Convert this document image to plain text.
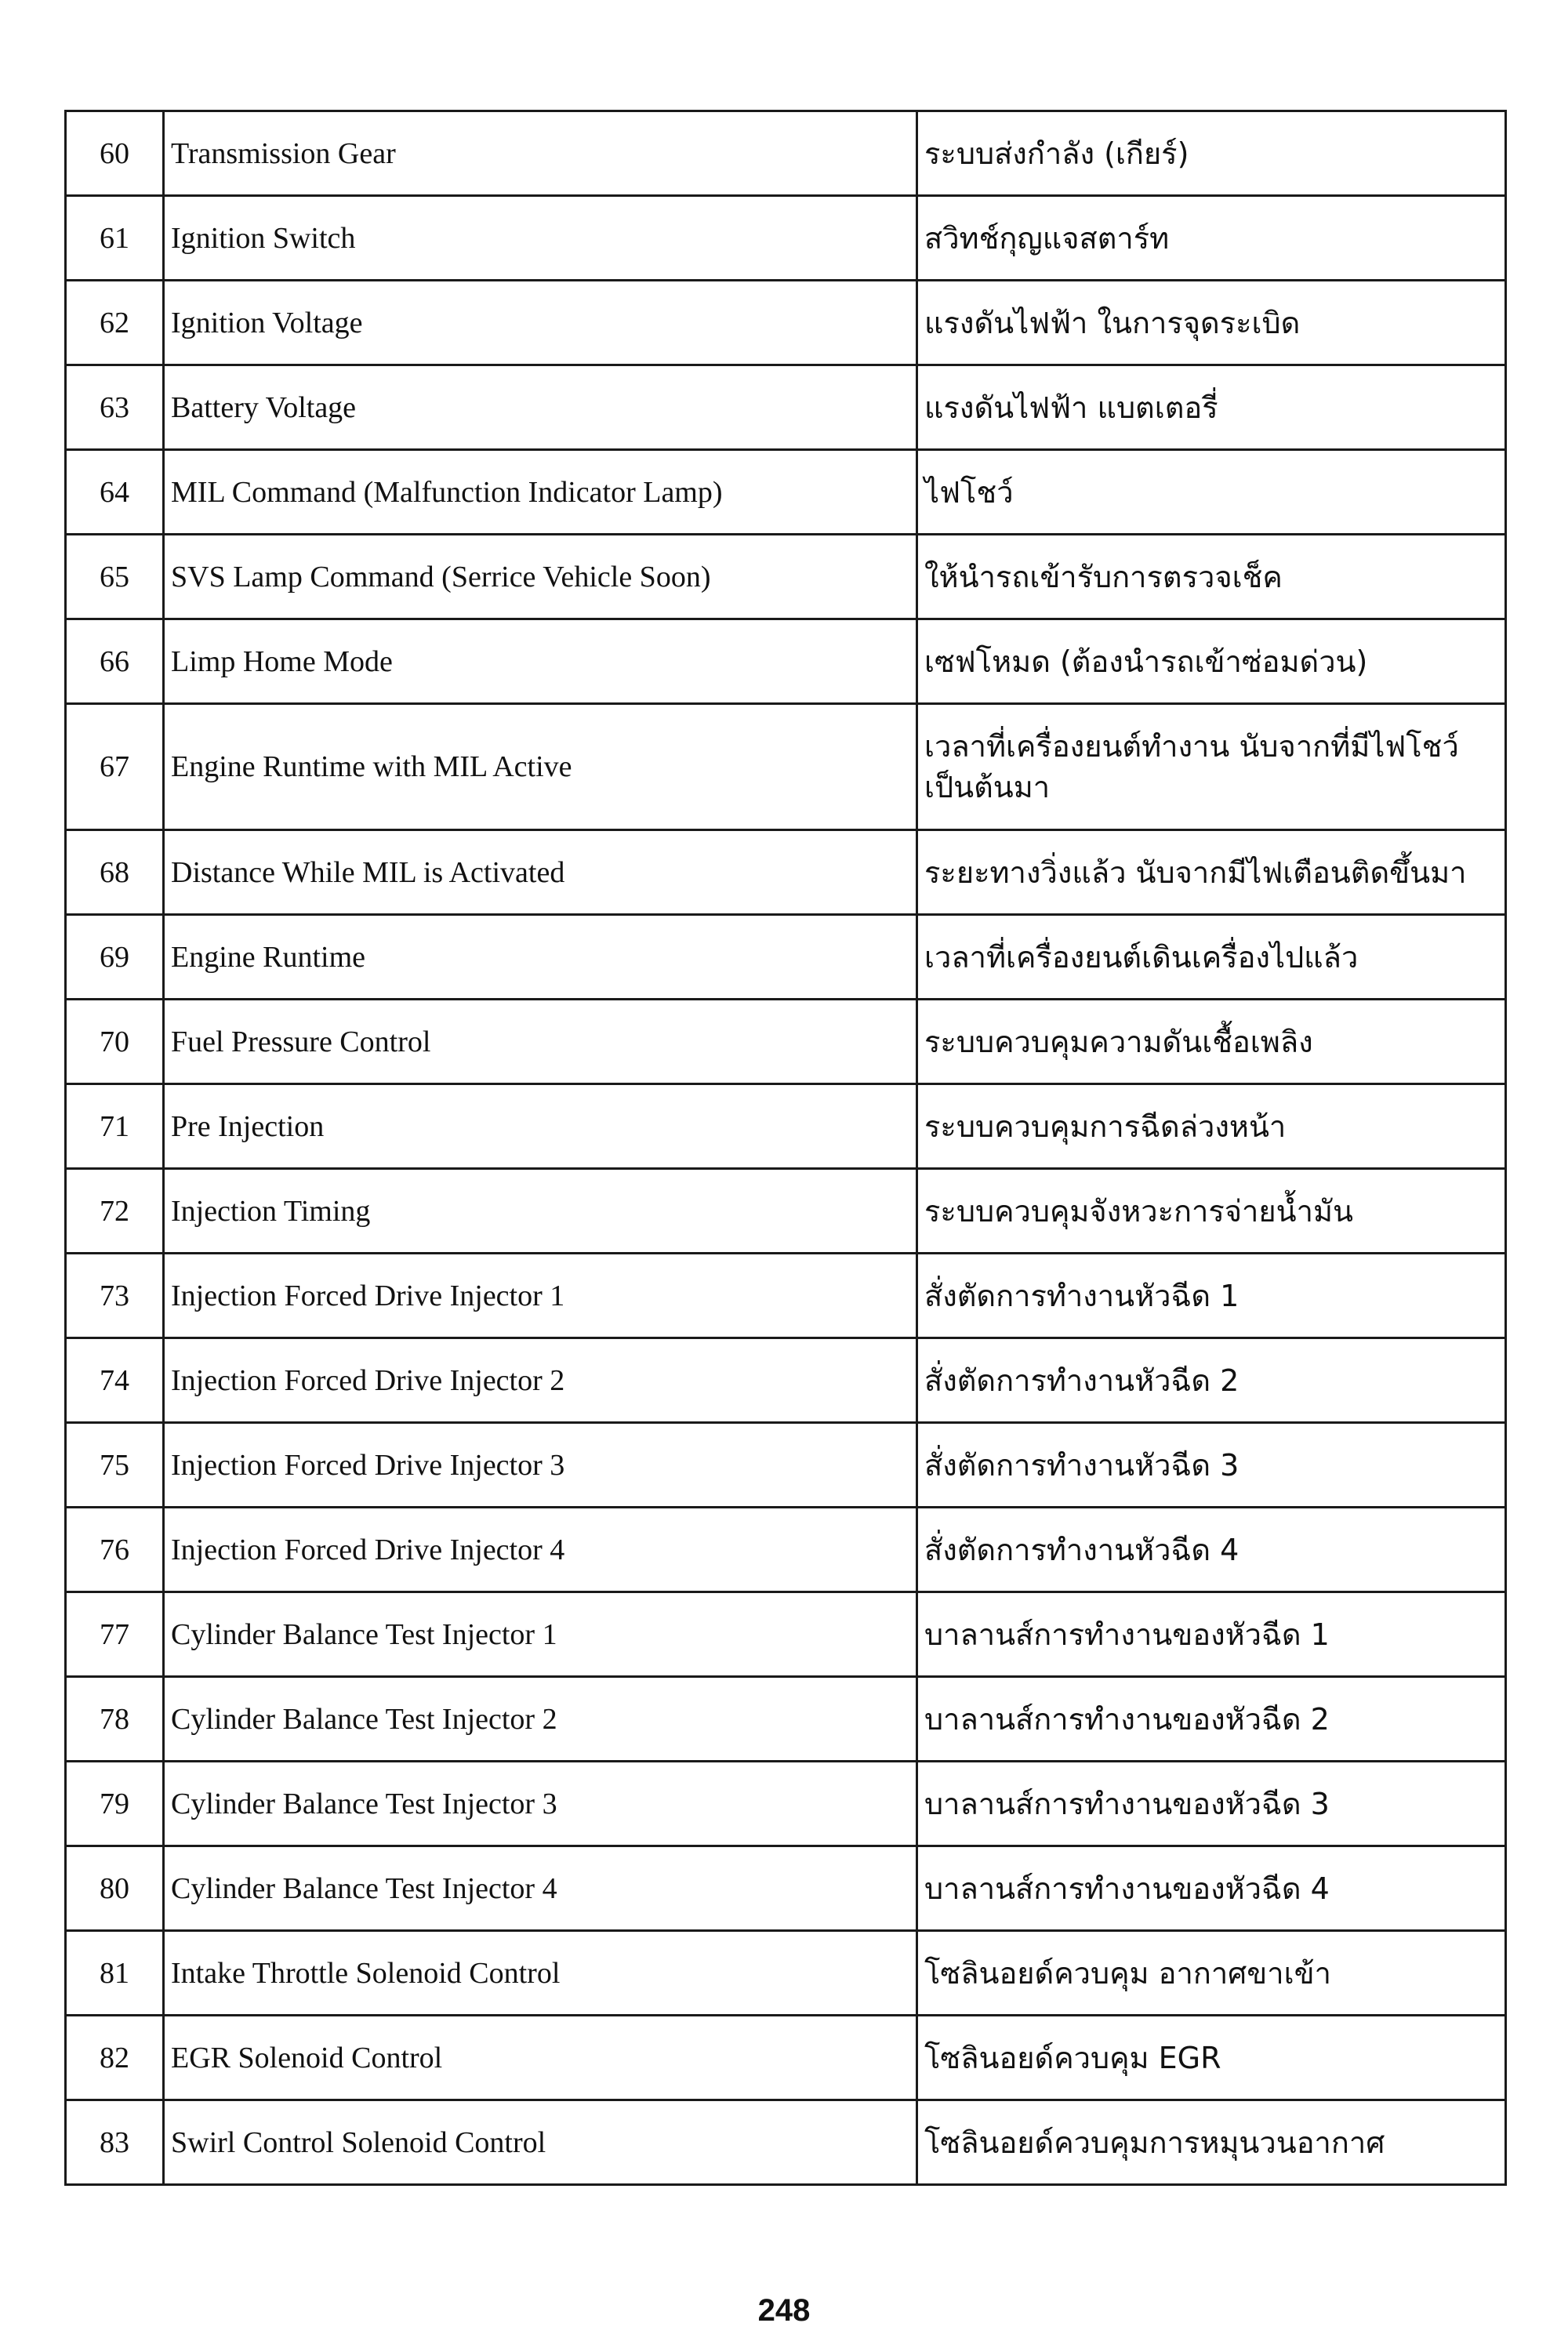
60	Transmission Gear	ระบบส่งกำลัง (เกียร์)
61	Ignition Switch	สวิทช์กุญแจสตาร์ท
62	Ignition Voltage	แรงดันไฟฟ้า ในการจุดระเบิด
63	Battery Voltage	แรงดันไฟฟ้า แบตเตอรี่
64	MIL Command (Malfunction Indicator Lamp)	ไฟโชว์
65	SVS Lamp Command (Serrice Vehicle Soon)	ให้นำรถเข้ารับการตรวจเช็ค
66	Limp Home Mode	เซฟโหมด (ต้องนำรถเข้าซ่อมด่วน)
67	Engine Runtime with MIL Active	เวลาที่เครื่องยนต์ทำงาน นับจากที่มีไฟโชว์เป็นต้นมา
68	Distance While MIL is Activated	ระยะทางวิ่งแล้ว นับจากมีไฟเตือนติดขึ้นมา
69	Engine Runtime	เวลาที่เครื่องยนต์เดินเครื่องไปแล้ว
70	Fuel Pressure Control	ระบบควบคุมความดันเชื้อเพลิง
71	Pre Injection	ระบบควบคุมการฉีดล่วงหน้า
72	Injection Timing	ระบบควบคุมจังหวะการจ่ายน้ำมัน
73	Injection Forced Drive Injector 1	สั่งตัดการทำงานหัวฉีด 1
74	Injection Forced Drive Injector 2	สั่งตัดการทำงานหัวฉีด 2
75	Injection Forced Drive Injector 3	สั่งตัดการทำงานหัวฉีด 3
76	Injection Forced Drive Injector 4	สั่งตัดการทำงานหัวฉีด 4
77	Cylinder Balance Test Injector 1	บาลานส์การทำงานของหัวฉีด 1
78	Cylinder Balance Test Injector 2	บาลานส์การทำงานของหัวฉีด 2
79	Cylinder Balance Test Injector 3	บาลานส์การทำงานของหัวฉีด 3
80	Cylinder Balance Test Injector 4	บาลานส์การทำงานของหัวฉีด 4
81	Intake Throttle Solenoid Control	โซลินอยด์ควบคุม อากาศขาเข้า
82	EGR Solenoid Control	โซลินอยด์ควบคุม EGR
83	Swirl Control Solenoid Control	โซลินอยด์ควบคุมการหมุนวนอากาศ
248
